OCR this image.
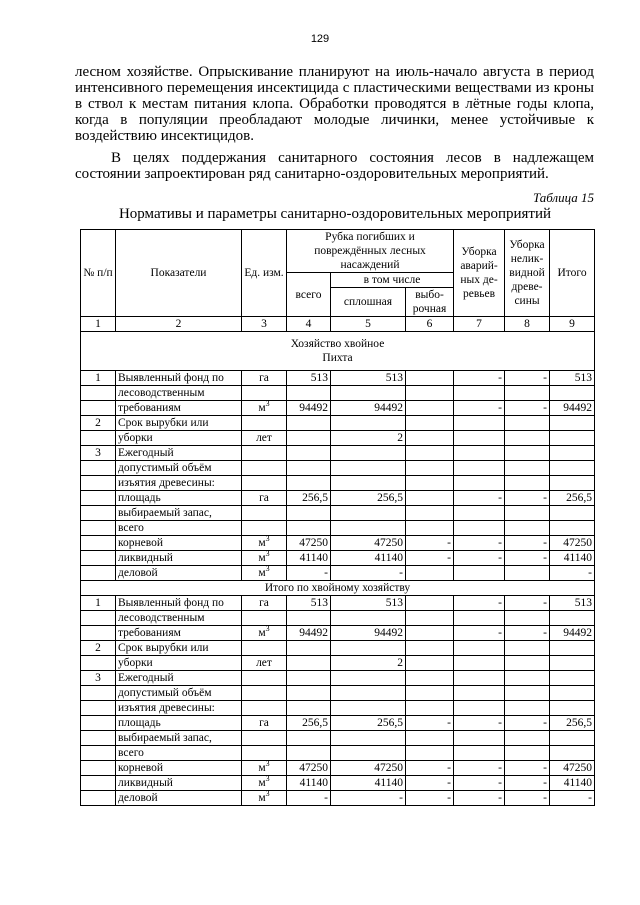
129
лесном хозяйстве. Опрыскивание планируют на июль-начало августа в период интенсивного перемещения инсектицида с пластическими веществами из кроны в ствол к местам питания клопа. Обработки проводятся в лётные годы клопа, когда в популяции преобладают молодые личинки, менее устойчивые к воздействию инсектицидов.
В целях поддержания санитарного состояния лесов в надлежащем состоянии запроектирован ряд санитарно-оздоровительных мероприятий.
Таблица 15
Нормативы и параметры санитарно-оздоровительных мероприятий
№ п/п	Показатели	Ед. изм.	Рубка погибших и повреждённых лесных насаждений			Уборка аварий-ных де-ревьев	Уборка нелик-видной древе-сины	Итого
			всего	в том числе				
				сплошная	выбо-рочная			
1	2	3	4	5	6	7	8	9

Хозяйство хвойное
Пихта								

1	Выявленный фонд по	га	513	513		-	-	513
	лесоводственным							
	требованиям	$м^3$	94492	94492		-	-	94492
2	Срок вырубки или							
	уборки	лет		2				
3	Ежегодный							
	допустимый объём							
	изъятия древесины:							
	площадь	га	256,5	256,5		-	-	256,5
	выбираемый запас,							
	всего							
	корневой	$м^3$	47250	47250	-	-	-	47250
	ликвидный	$м^3$	41140	41140	-	-	-	41140
	деловой	$м^3$	-	-				-

Итого по хвойному хозяйству								

1	Выявленный фонд по	га	513	513		-	-	513
	лесоводственным							
	требованиям	$м^3$	94492	94492		-	-	94492
2	Срок вырубки или							
	уборки	лет		2				
3	Ежегодный							
	допустимый объём							
	изъятия древесины:							
	площадь	га	256,5	256,5	-	-	-	256,5
	выбираемый запас,							
	всего							
	корневой	$м^3$	47250	47250	-	-	-	47250
	ликвидный	$м^3$	41140	41140	-	-	-	41140
	деловой	$м^3$	-	-	-	-	-	-
